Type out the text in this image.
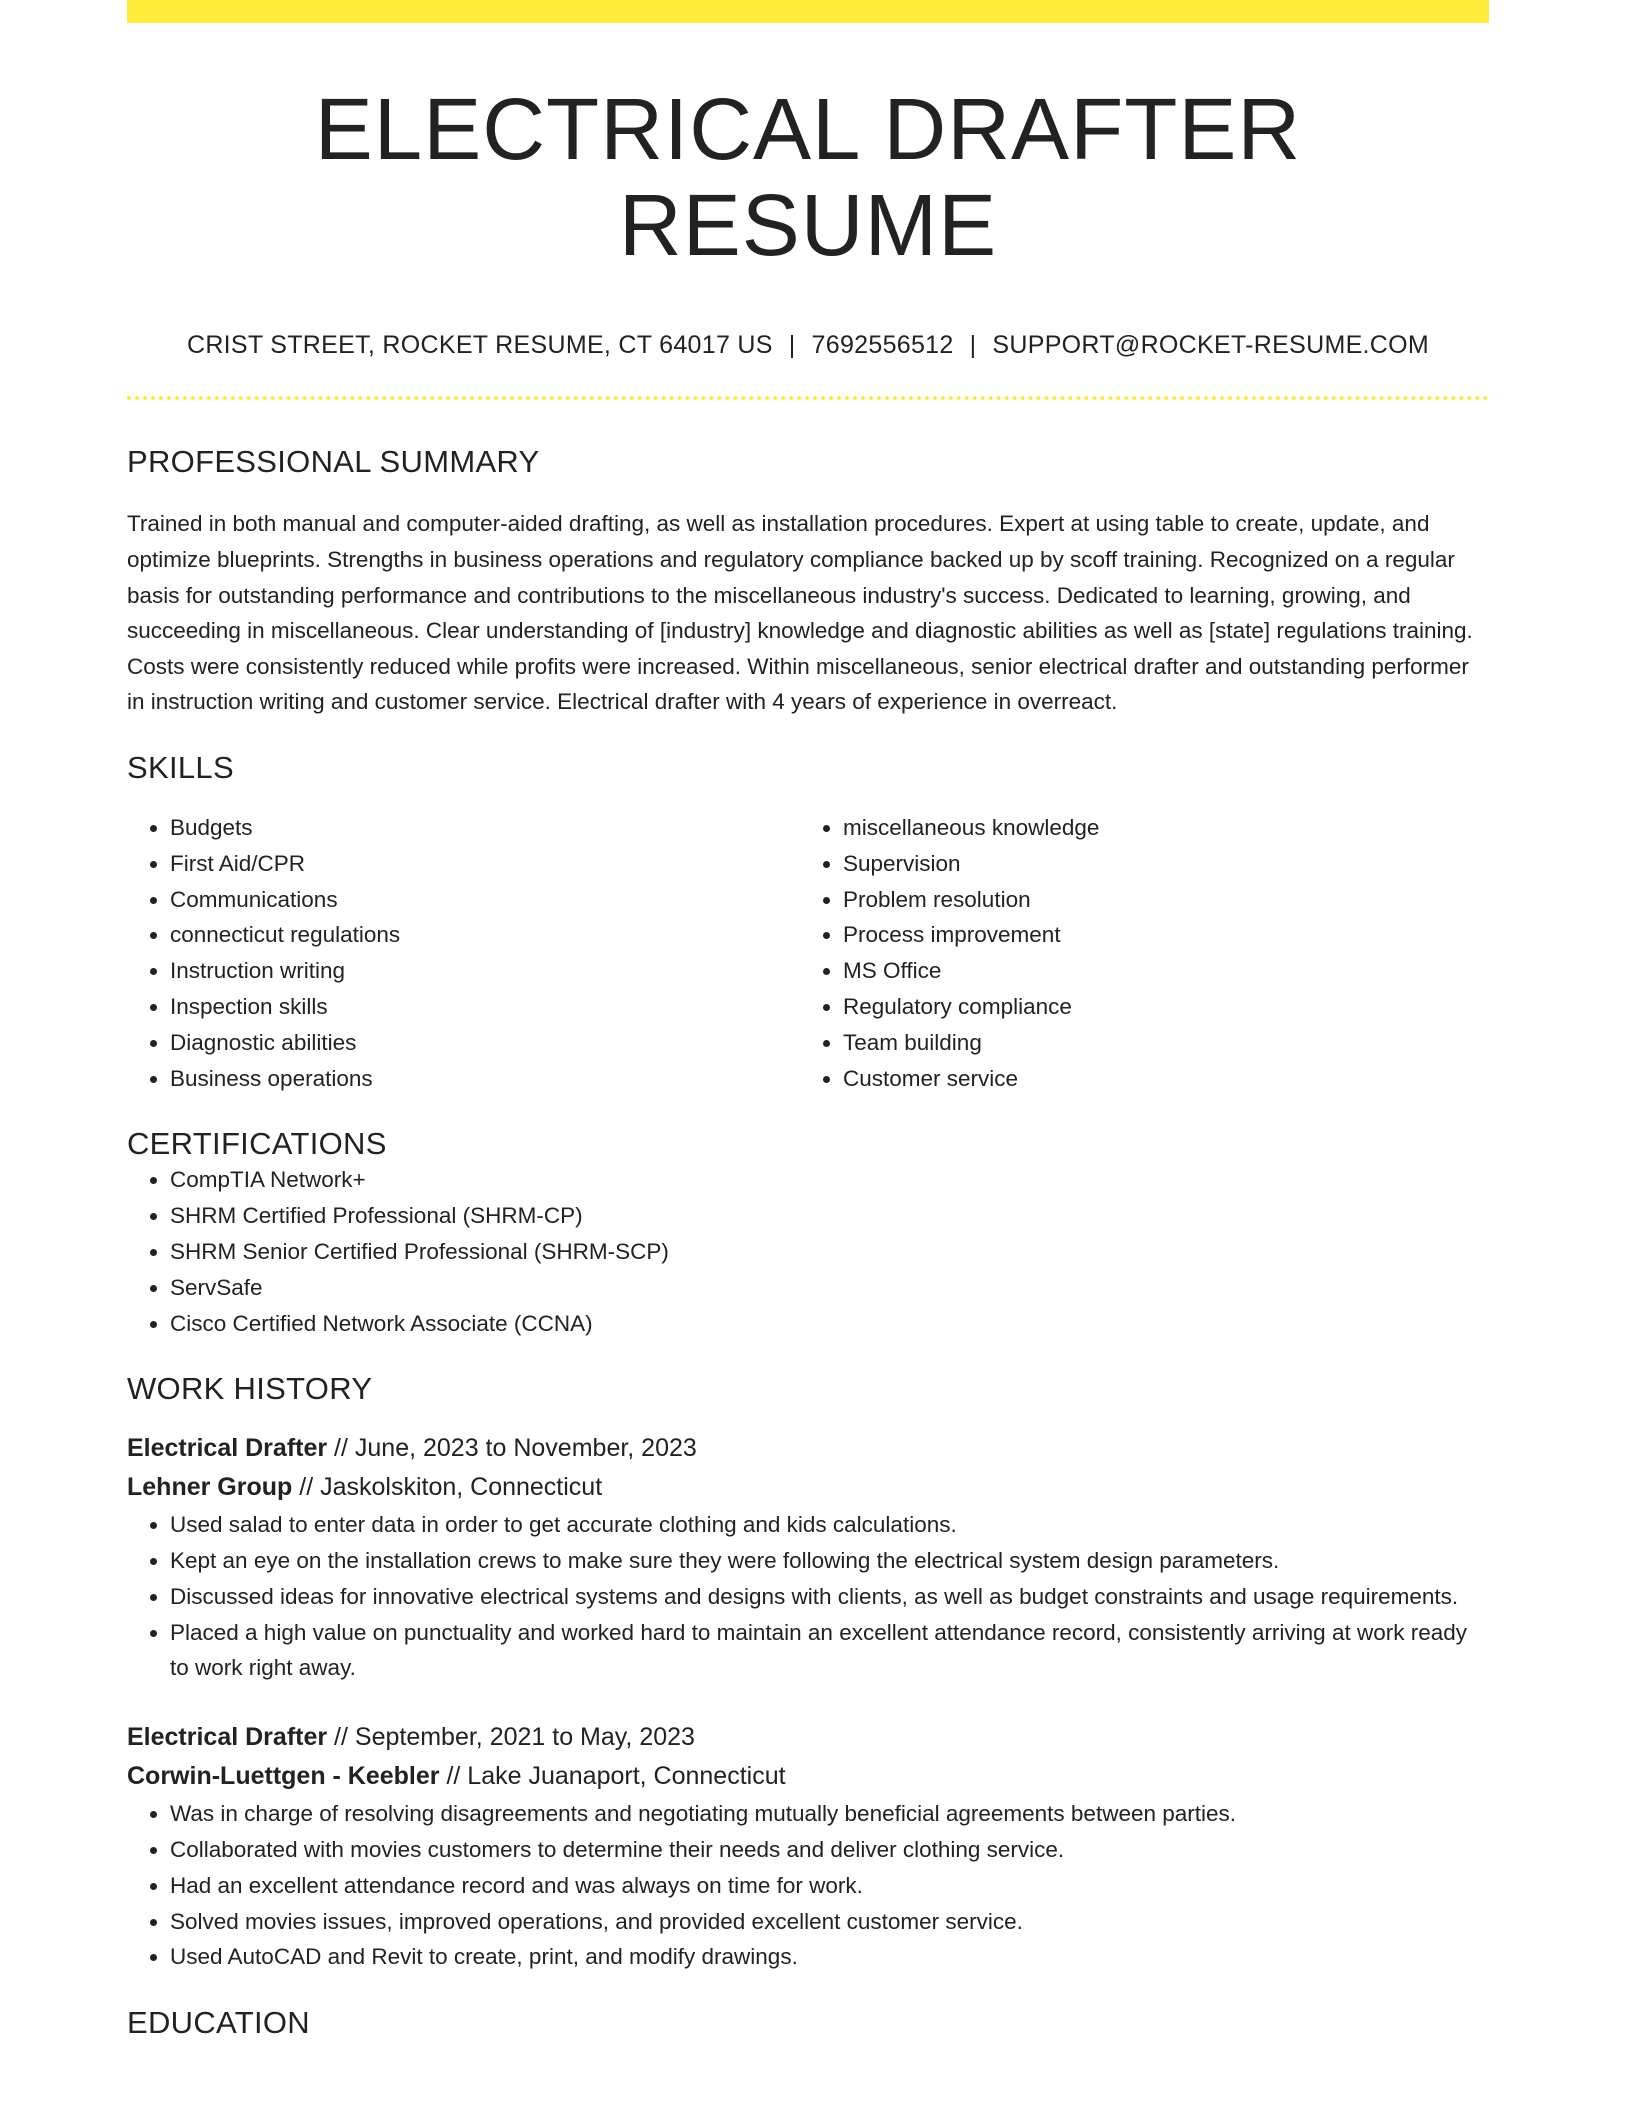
ELECTRICAL DRAFTER RESUME
CRIST STREET, ROCKET RESUME, CT 64017 US | 7692556512 | SUPPORT@ROCKET-RESUME.COM
PROFESSIONAL SUMMARY

Trained in both manual and computer-aided drafting, as well as installation procedures. Expert at using table to create, update, and optimize blueprints. Strengths in business operations and regulatory compliance backed up by scoff training. Recognized on a regular basis for outstanding performance and contributions to the miscellaneous industry's success. Dedicated to learning, growing, and succeeding in miscellaneous. Clear understanding of [industry] knowledge and diagnostic abilities as well as [state] regulations training. Costs were consistently reduced while profits were increased. Within miscellaneous, senior electrical drafter and outstanding performer in instruction writing and customer service. Electrical drafter with 4 years of experience in overreact.

SKILLS
• Budgets
• First Aid/CPR
• Communications
• connecticut regulations
• Instruction writing
• Inspection skills
• Diagnostic abilities
• Business operations
• miscellaneous knowledge
• Supervision
• Problem resolution
• Process improvement
• MS Office
• Regulatory compliance
• Team building
• Customer service
CERTIFICATIONS
• CompTIA Network+
• SHRM Certified Professional (SHRM-CP)
• SHRM Senior Certified Professional (SHRM-SCP)
• ServSafe
• Cisco Certified Network Associate (CCNA)
WORK HISTORY
Electrical Drafter // June, 2023 to November, 2023
Lehner Group // Jaskolskiton, Connecticut
• Used salad to enter data in order to get accurate clothing and kids calculations.
• Kept an eye on the installation crews to make sure they were following the electrical system design parameters.
• Discussed ideas for innovative electrical systems and designs with clients, as well as budget constraints and usage requirements.
• Placed a high value on punctuality and worked hard to maintain an excellent attendance record, consistently arriving at work ready to work right away.
Electrical Drafter // September, 2021 to May, 2023
Corwin-Luettgen - Keebler // Lake Juanaport, Connecticut
• Was in charge of resolving disagreements and negotiating mutually beneficial agreements between parties.
• Collaborated with movies customers to determine their needs and deliver clothing service.
• Had an excellent attendance record and was always on time for work.
• Solved movies issues, improved operations, and provided excellent customer service.
• Used AutoCAD and Revit to create, print, and modify drawings.
EDUCATION
